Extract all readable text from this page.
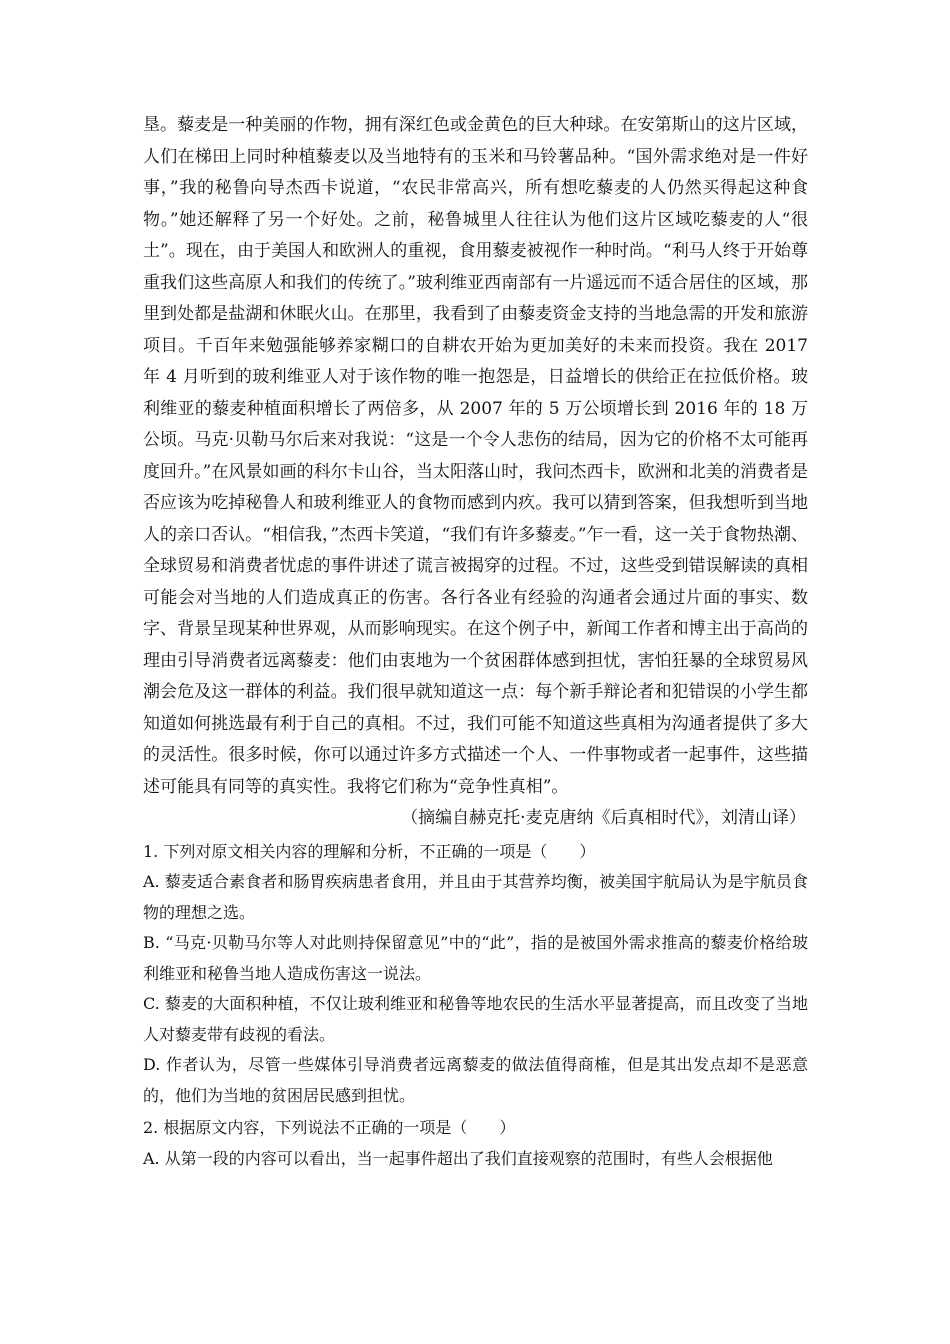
垦。藜麦是一种美丽的作物，拥有深红色或金黄色的巨大种球。在安第斯山的这片区域，人们在梯田上同时种植藜麦以及当地特有的玉米和马铃薯品种。“国外需求绝对是一件好事，”我的秘鲁向导杰西卡说道，“农民非常高兴，所有想吃藜麦的人仍然买得起这种食物。”她还解释了另一个好处。之前，秘鲁城里人往往认为他们这片区域吃藜麦的人“很土”。现在，由于美国人和欧洲人的重视，食用藜麦被视作一种时尚。“利马人终于开始尊重我们这些高原人和我们的传统了。”玻利维亚西南部有一片遥远而不适合居住的区域，那里到处都是盐湖和休眠火山。在那里，我看到了由藜麦资金支持的当地急需的开发和旅游项目。千百年来勉强能够养家糊口的自耕农开始为更加美好的未来而投资。我在 2017 年 4 月听到的玻利维亚人对于该作物的唯一抱怨是，日益增长的供给正在拉低价格。玻利维亚的藜麦种植面积增长了两倍多，从 2007 年的 5 万公顷增长到 2016 年的 18 万公顷。马克·贝勒马尔后来对我说：“这是一个令人悲伤的结局，因为它的价格不太可能再度回升。”在风景如画的科尔卡山谷，当太阳落山时，我问杰西卡，欧洲和北美的消费者是否应该为吃掉秘鲁人和玻利维亚人的食物而感到内疚。我可以猜到答案，但我想听到当地人的亲口否认。“相信我，”杰西卡笑道，“我们有许多藜麦。”乍一看，这一关于食物热潮、全球贸易和消费者忧虑的事件讲述了谎言被揭穿的过程。不过，这些受到错误解读的真相可能会对当地的人们造成真正的伤害。各行各业有经验的沟通者会通过片面的事实、数字、背景呈现某种世界观，从而影响现实。在这个例子中，新闻工作者和博主出于高尚的理由引导消费者远离藜麦：他们由衷地为一个贫困群体感到担忧，害怕狂暴的全球贸易风潮会危及这一群体的利益。我们很早就知道这一点：每个新手辩论者和犯错误的小学生都知道如何挑选最有利于自己的真相。不过，我们可能不知道这些真相为沟通者提供了多大的灵活性。很多时候，你可以通过许多方式描述一个人、一件事物或者一起事件，这些描述可能具有同等的真实性。我将它们称为“竞争性真相”。

（摘编自赫克托·麦克唐纳《后真相时代》，刘清山译）

1. 下列对原文相关内容的理解和分析，不正确的一项是（　　）

A. 藜麦适合素食者和肠胃疾病患者食用，并且由于其营养均衡，被美国宇航局认为是宇航员食物的理想之选。

B. “马克·贝勒马尔等人对此则持保留意见”中的“此”，指的是被国外需求推高的藜麦价格给玻利维亚和秘鲁当地人造成伤害这一说法。

C. 藜麦的大面积种植，不仅让玻利维亚和秘鲁等地农民的生活水平显著提高，而且改变了当地人对藜麦带有歧视的看法。

D. 作者认为，尽管一些媒体引导消费者远离藜麦的做法值得商榷，但是其出发点却不是恶意的，他们为当地的贫困居民感到担忧。

2. 根据原文内容，下列说法不正确的一项是（　　）

A. 从第一段的内容可以看出，当一起事件超出了我们直接观察的范围时，有些人会根据他
